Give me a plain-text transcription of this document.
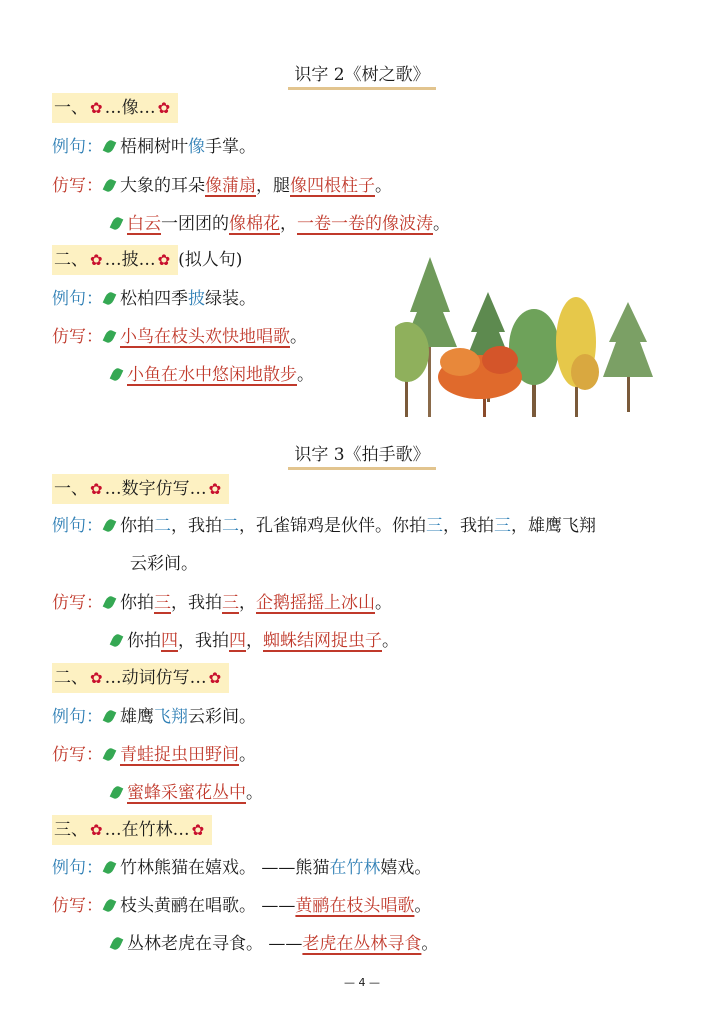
识字 2《树之歌》
一、 ✿ …像… ✿
例句： 梧桐树叶像手掌。
仿写： 大象的耳朵像蒲扇，腿像四根柱子。
白云一团团的像棉花，一卷一卷的像波涛。
二、 ✿ …披… ✿ (拟人句)
例句： 松柏四季披绿装。
仿写： 小鸟在枝头欢快地唱歌。
小鱼在水中悠闲地散步。
识字 3《拍手歌》
一、 ✿ …数字仿写… ✿
例句： 你拍二，我拍二，孔雀锦鸡是伙伴。你拍三，我拍三，雄鹰飞翔
云彩间。
仿写： 你拍三，我拍三，企鹅摇摇上冰山。
你拍四，我拍四，蜘蛛结网捉虫子。
二、 ✿ …动词仿写… ✿
例句： 雄鹰飞翔云彩间。
仿写： 青蛙捉虫田野间。
蜜蜂采蜜花丛中。
三、 ✿ …在竹林… ✿
例句： 竹林熊猫在嬉戏。 ——熊猫在竹林嬉戏。
仿写： 枝头黄鹂在唱歌。 ——黄鹂在枝头唱歌。
丛林老虎在寻食。 ——老虎在丛林寻食。
— 4 —
